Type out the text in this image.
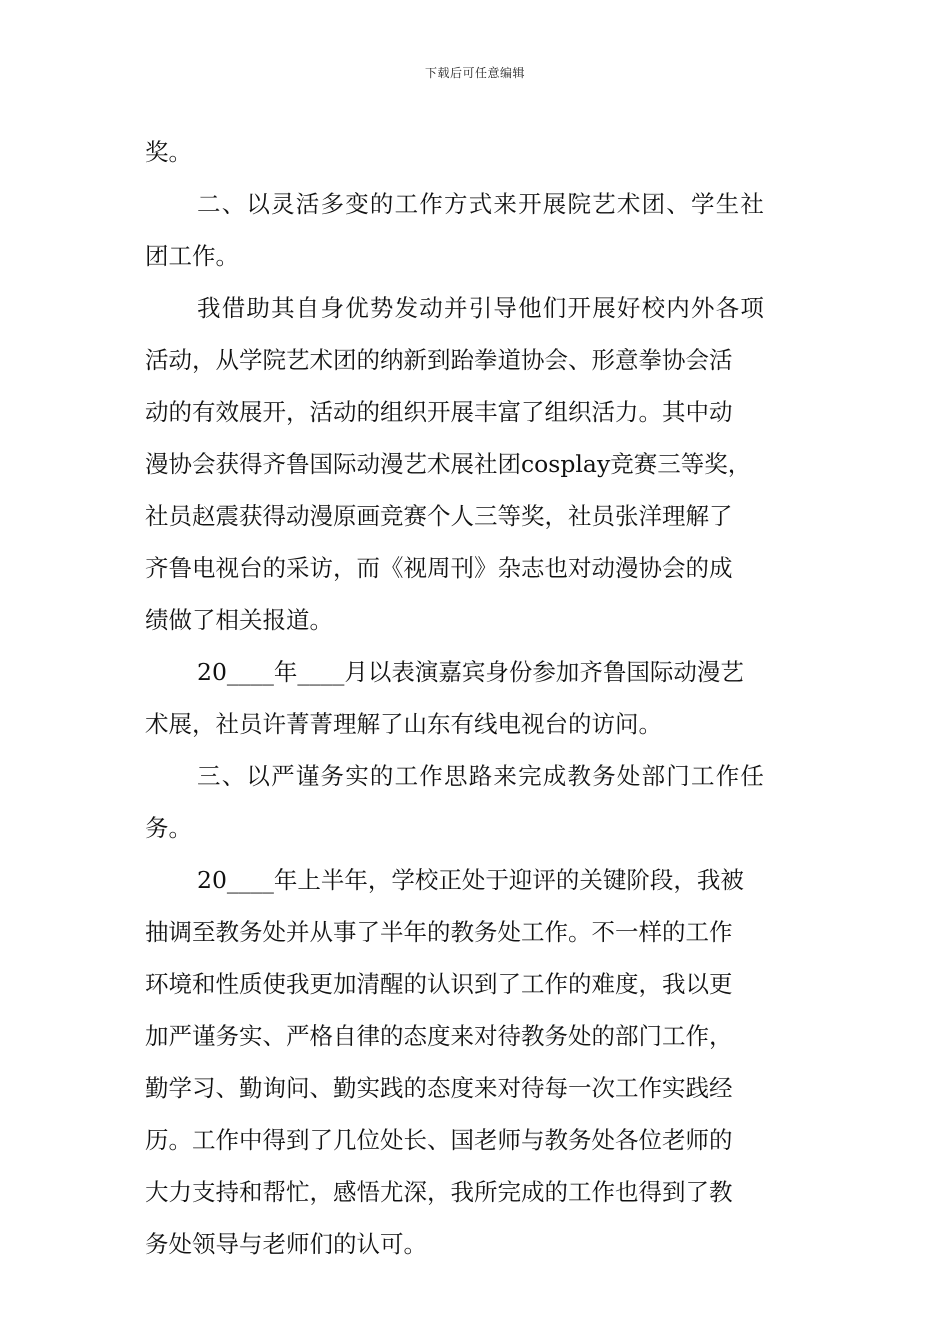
下载后可任意编辑
奖。
二、以灵活多变的工作方式来开展院艺术团、学生社
团工作。
我借助其自身优势发动并引导他们开展好校内外各项
活动，从学院艺术团的纳新到跆拳道协会、形意拳协会活
动的有效展开，活动的组织开展丰富了组织活力。其中动
漫协会获得齐鲁国际动漫艺术展社团cosplay竞赛三等奖，
社员赵震获得动漫原画竞赛个人三等奖，社员张洋理解了
齐鲁电视台的采访，而《视周刊》杂志也对动漫协会的成
绩做了相关报道。
20____年____月以表演嘉宾身份参加齐鲁国际动漫艺
术展，社员许菁菁理解了山东有线电视台的访问。
三、以严谨务实的工作思路来完成教务处部门工作任
务。
20____年上半年，学校正处于迎评的关键阶段，我被
抽调至教务处并从事了半年的教务处工作。不一样的工作
环境和性质使我更加清醒的认识到了工作的难度，我以更
加严谨务实、严格自律的态度来对待教务处的部门工作，
勤学习、勤询问、勤实践的态度来对待每一次工作实践经
历。工作中得到了几位处长、国老师与教务处各位老师的
大力支持和帮忙，感悟尤深，我所完成的工作也得到了教
务处领导与老师们的认可。
